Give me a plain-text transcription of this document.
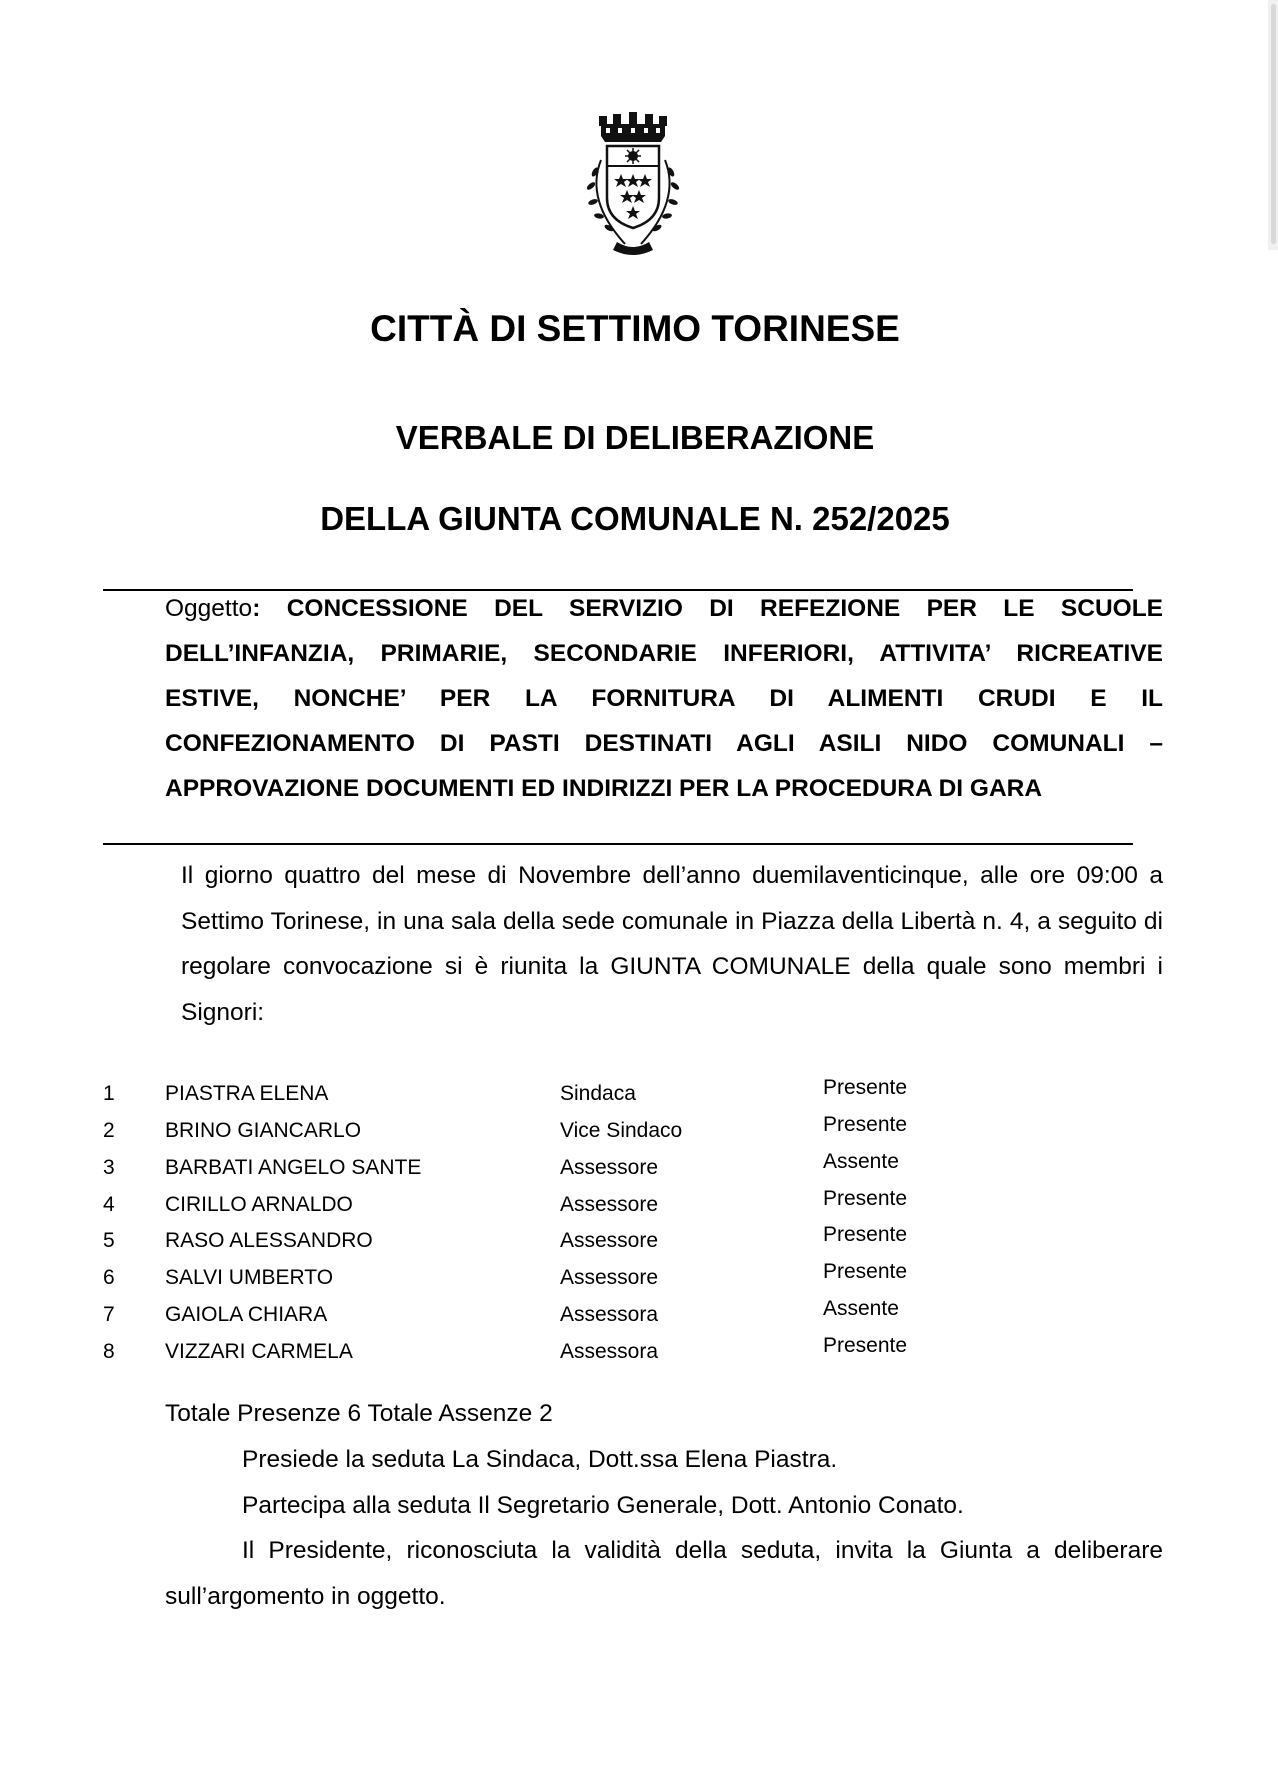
CITTÀ DI SETTIMO TORINESE
VERBALE DI DELIBERAZIONE
DELLA GIUNTA COMUNALE N. 252/2025

Oggetto: CONCESSIONE DEL SERVIZIO DI REFEZIONE PER LE SCUOLE DELL’INFANZIA, PRIMARIE, SECONDARIE INFERIORI, ATTIVITA’ RICREATIVE ESTIVE, NONCHE’ PER LA FORNITURA DI ALIMENTI CRUDI E IL CONFEZIONAMENTO DI PASTI DESTINATI AGLI ASILI NIDO COMUNALI – APPROVAZIONE DOCUMENTI ED INDIRIZZI PER LA PROCEDURA DI GARA

Il giorno quattro del mese di Novembre dell’anno duemilaventicinque, alle ore 09:00 a Settimo Torinese, in una sala della sede comunale in Piazza della Libertà n. 4, a seguito di regolare convocazione si è riunita la GIUNTA COMUNALE della quale sono membri i Signori:

1 PIASTRA ELENA	Sindaca	Presente
2 BRINO GIANCARLO	Vice Sindaco	Presente
3 BARBATI ANGELO SANTE	Assessore	Assente
4 CIRILLO ARNALDO	Assessore	Presente
5 RASO ALESSANDRO	Assessore	Presente
6 SALVI UMBERTO	Assessore	Presente
7 GAIOLA CHIARA	Assessora	Assente
8 VIZZARI CARMELA	Assessora	Presente

Totale Presenze 6 Totale Assenze 2

Presiede la seduta La Sindaca, Dott.ssa Elena Piastra.

Partecipa alla seduta Il Segretario Generale, Dott. Antonio Conato.

Il Presidente, riconosciuta la validità della seduta, invita la Giunta a deliberare sull’argomento in oggetto.
